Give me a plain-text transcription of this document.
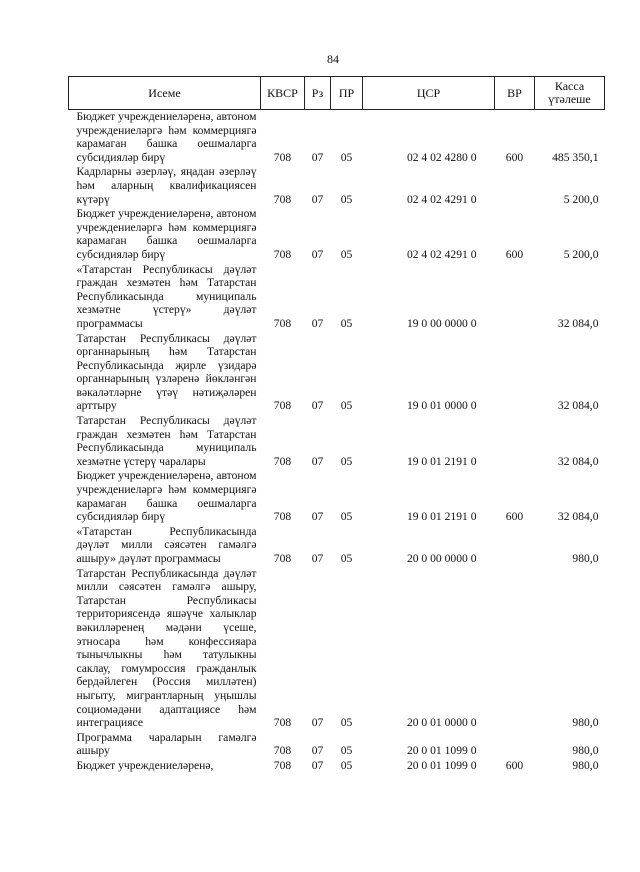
84
Исеме	КВСР	Рз	ПР	ЦСР	ВР	Касса үтәлеше
Бюджет учреждениеләренә, автоном учреждениеләргә һәм коммерциягә карамаган башка оешмаларга субсидияләр бирү	708	07	05	02 4 02 4280 0	600	485 350,1
Кадрларны әзерләү, яңадан әзерләү һәм аларның квалификациясен күтәрү	708	07	05	02 4 02 4291 0		5 200,0
Бюджет учреждениеләренә, автоном учреждениеләргә һәм коммерциягә карамаган башка оешмаларга субсидияләр бирү	708	07	05	02 4 02 4291 0	600	5 200,0
«Татарстан Республикасы дәүләт граждан хезмәтен һәм Татарстан Республикасында муниципаль хезмәтне үстерү» дәүләт программасы	708	07	05	19 0 00 0000 0		32 084,0
Татарстан Республикасы дәүләт органнарының һәм Татарстан Республикасында җирле үзидарә органнарының үзләренә йөкләнгән вәкаләтләрне үтәү нәтиҗәләрен арттыру	708	07	05	19 0 01 0000 0		32 084,0
Татарстан Республикасы дәүләт граждан хезмәтен һәм Татарстан Республикасында муниципаль хезмәтне үстерү чаралары	708	07	05	19 0 01 2191 0		32 084,0
Бюджет учреждениеләренә, автоном учреждениеләргә һәм коммерциягә карамаган башка оешмаларга субсидияләр бирү	708	07	05	19 0 01 2191 0	600	32 084,0
«Татарстан Республикасында дәүләт милли сәясәтен гамәлгә ашыру» дәүләт программасы	708	07	05	20 0 00 0000 0		980,0
Татарстан Республикасында дәүләт милли сәясәтен гамәлгә ашыру, Татарстан Республикасы территориясендә яшәүче халыклар вәкилләренең мәдәни үсеше, этносара һәм конфессияара тынычлыкны һәм татулыкны саклау, гомумроссия гражданлык бердәйлеген (Россия милләтен) ныгыту, мигрантларның уңышлы социомәдәни адаптациясе һәм интеграциясе	708	07	05	20 0 01 0000 0		980,0
Программа чараларын гамәлгә ашыру	708	07	05	20 0 01 1099 0		980,0
Бюджет учреждениеләренә,	708	07	05	20 0 01 1099 0	600	980,0
